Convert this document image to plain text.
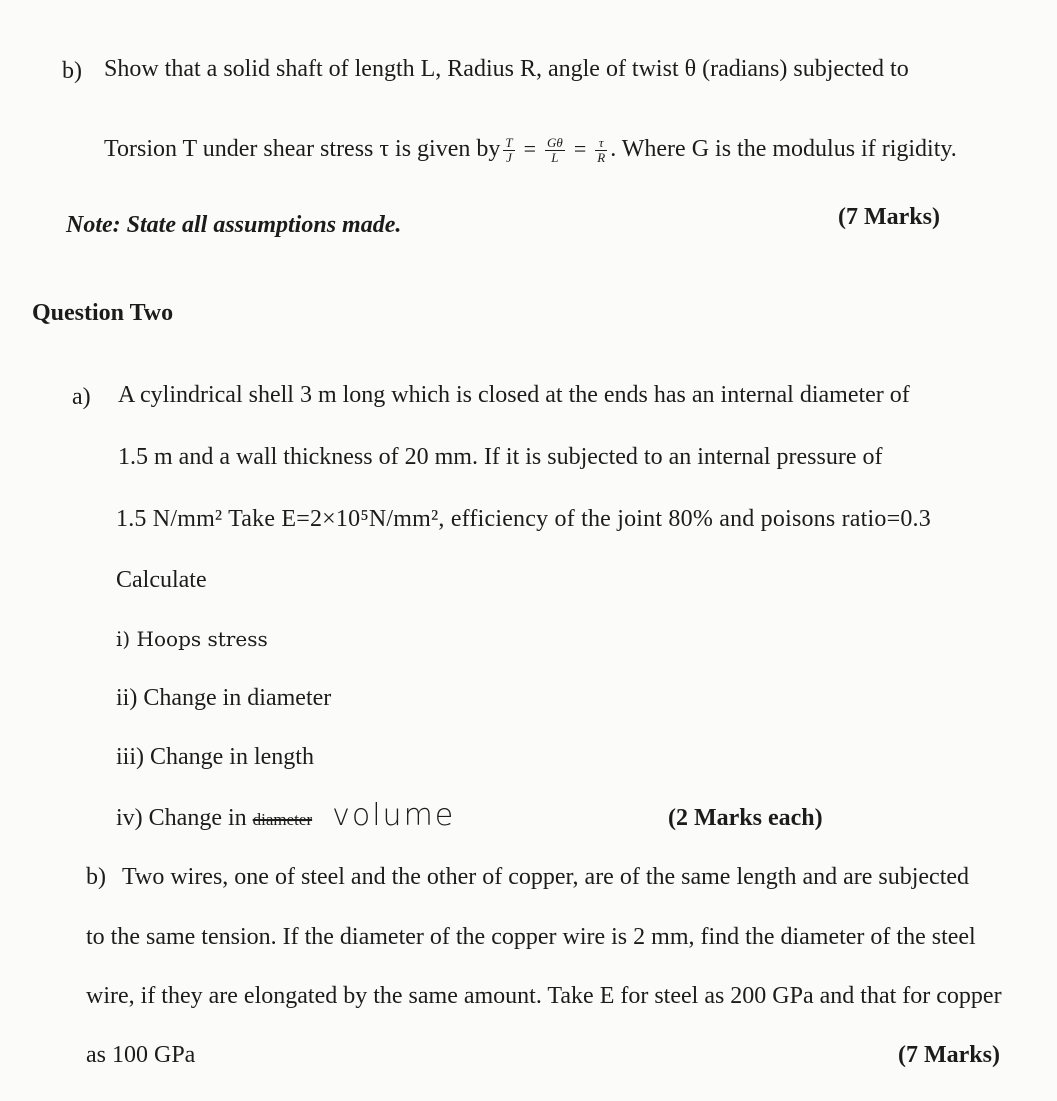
b) Show that a solid shaft of length L, Radius R, angle of twist θ (radians) subjected to
Torsion T under shear stress τ is given by $\frac{T}{J} = \frac{G\theta}{L} = \frac{\tau}{R}$ . Where G is the modulus if rigidity.
Note: State all assumptions made.	(7 Marks)
Question Two
a) A cylindrical shell 3 m long which is closed at the ends has an internal diameter of
1.5 m and a wall thickness of 20 mm. If it is subjected to an internal pressure of
1.5 N/mm² Take E=2×10⁵N/mm², efficiency of the joint 80% and poisons ratio=0.3
Calculate
i) Hoops stress
ii) Change in diameter
iii) Change in length
iv) Change in diameter volume	(2 Marks each)
b) Two wires, one of steel and the other of copper, are of the same length and are subjected
to the same tension. If the diameter of the copper wire is 2 mm, find the diameter of the steel
wire, if they are elongated by the same amount. Take E for steel as 200 GPa and that for copper
as 100 GPa	(7 Marks)
